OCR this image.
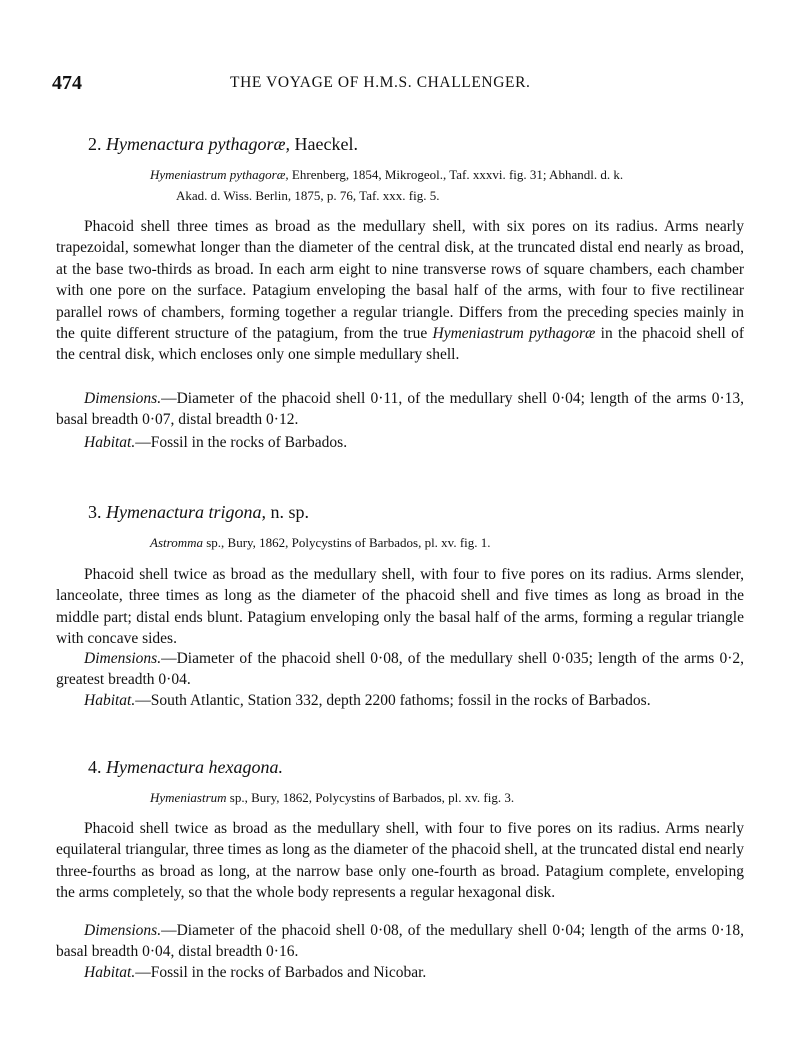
474	THE VOYAGE OF H.M.S. CHALLENGER.
2. Hymenactura pythagoræ, Haeckel.
Hymeniastrum pythagoræ, Ehrenberg, 1854, Mikrogeol., Taf. xxxvi. fig. 31; Abhandl. d. k.
Akad. d. Wiss. Berlin, 1875, p. 76, Taf. xxx. fig. 5.

Phacoid shell three times as broad as the medullary shell, with six pores on its radius. Arms nearly trapezoidal, somewhat longer than the diameter of the central disk, at the truncated distal end nearly as broad, at the base two-thirds as broad. In each arm eight to nine transverse rows of square chambers, each chamber with one pore on the surface. Patagium enveloping the basal half of the arms, with four to five rectilinear parallel rows of chambers, forming together a regular triangle. Differs from the preceding species mainly in the quite different structure of the patagium, from the true Hymeniastrum pythagoræ in the phacoid shell of the central disk, which encloses only one simple medullary shell.

Dimensions.—Diameter of the phacoid shell 0·11, of the medullary shell 0·04; length of the arms 0·13, basal breadth 0·07, distal breadth 0·12.

Habitat.—Fossil in the rocks of Barbados.

3. Hymenactura trigona, n. sp.
Astromma sp., Bury, 1862, Polycystins of Barbados, pl. xv. fig. 1.

Phacoid shell twice as broad as the medullary shell, with four to five pores on its radius. Arms slender, lanceolate, three times as long as the diameter of the phacoid shell and five times as long as broad in the middle part; distal ends blunt. Patagium enveloping only the basal half of the arms, forming a regular triangle with concave sides.

Dimensions.—Diameter of the phacoid shell 0·08, of the medullary shell 0·035; length of the arms 0·2, greatest breadth 0·04.

Habitat.—South Atlantic, Station 332, depth 2200 fathoms; fossil in the rocks of Barbados.

4. Hymenactura hexagona.
Hymeniastrum sp., Bury, 1862, Polycystins of Barbados, pl. xv. fig. 3.

Phacoid shell twice as broad as the medullary shell, with four to five pores on its radius. Arms nearly equilateral triangular, three times as long as the diameter of the phacoid shell, at the truncated distal end nearly three-fourths as broad as long, at the narrow base only one-fourth as broad. Patagium complete, enveloping the arms completely, so that the whole body represents a regular hexagonal disk.

Dimensions.—Diameter of the phacoid shell 0·08, of the medullary shell 0·04; length of the arms 0·18, basal breadth 0·04, distal breadth 0·16.

Habitat.—Fossil in the rocks of Barbados and Nicobar.
